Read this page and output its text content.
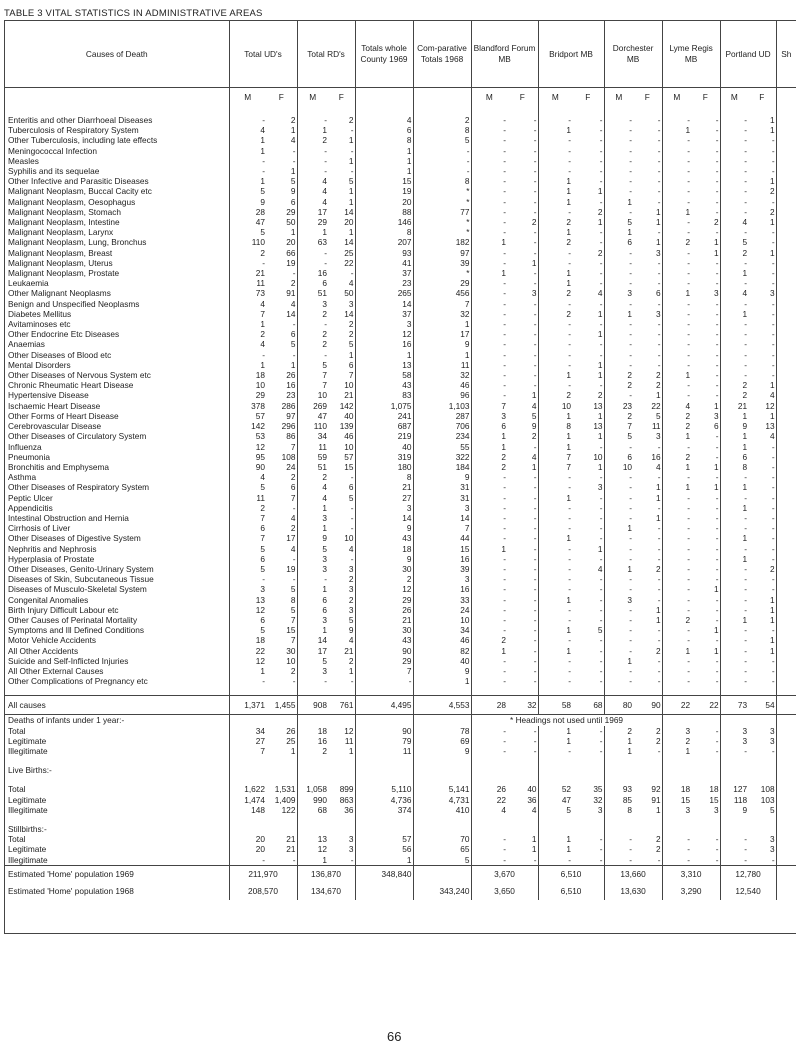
TABLE 3 VITAL STATISTICS IN ADMINISTRATIVE AREAS
Causes of Death	Total UD's		Total RD's		Totals whole County 1969	Com-parative Totals 1968	Blandford Forum MB		Bridport MB		Dorchester MB		Lyme Regis MB		Portland UD		Sh
	M	F	M	F			M	F	M	F	M	F	M	F	M	F	

Enteritis and other Diarrhoeal Diseases	-	2	-	2	4	2	-	-	-	-	-	-	-	-	-	1	
Tuberculosis of Respiratory System	4	1	1	-	6	8	-	-	1	-	-	-	1	-	-	1	
Other Tuberculosis, including late effects	1	4	2	1	8	5	-	-	-	-	-	-	-	-	-	-	
Meningococcal Infection	1	-	-	-	1	-	-	-	-	-	-	-	-	-	-	-	
Measles	-	-	-	1	1	-	-	-	-	-	-	-	-	-	-	-	
Syphilis and its sequelae	-	1	-	-	1	-	-	-	-	-	-	-	-	-	-	-	
Other Infective and Parasitic Diseases	1	5	4	5	15	8	-	-	1	-	-	-	-	-	-	1	
Malignant Neoplasm, Buccal Cacity etc	5	9	4	1	19	*	-	-	1	1	-	-	-	-	-	2	
Malignant Neoplasm, Oesophagus	9	6	4	1	20	*	-	-	1	-	1	-	-	-	-	-	
Malignant Neoplasm, Stomach	28	29	17	14	88	77	-	-	-	2	-	1	1	-	-	2	
Malignant Neoplasm, Intestine	47	50	29	20	146	*	-	2	2	1	5	1	-	2	4	1	
Malignant Neoplasm, Larynx	5	1	1	1	8	*	-	-	1	-	1	-	-	-	-	-	
Malignant Neoplasm, Lung, Bronchus	110	20	63	14	207	182	1	-	2	-	6	1	2	1	5	-	
Malignant Neoplasm, Breast	2	66	-	25	93	97	-	-	-	2	-	3	-	1	2	1	
Malignant Neoplasm, Uterus	-	19	-	22	41	39	-	1	-	-	-	-	-	-	-	-	
Malignant Neoplasm, Prostate	21	-	16	-	37	*	1	-	1	-	-	-	-	-	1	-	
Leukaemia	11	2	6	4	23	29	-	-	1	-	-	-	-	-	-	-	
Other Malignant Neoplasms	73	91	51	50	265	456	-	3	2	4	3	6	1	3	4	3	
Benign and Unspecified Neoplasms	4	4	3	3	14	7	-	-	-	-	-	-	-	-	-	-	
Diabetes Mellitus	7	14	2	14	37	32	-	-	2	1	1	3	-	-	1	-	
Avitaminoses etc	1	-	-	2	3	1	-	-	-	-	-	-	-	-	-	-	
Other Endocrine Etc Diseases	2	6	2	2	12	17	-	-	-	1	-	-	-	-	-	-	
Anaemias	4	5	2	5	16	9	-	-	-	-	-	-	-	-	-	-	
Other Diseases of Blood etc	-	-	-	1	1	1	-	-	-	-	-	-	-	-	-	-	
Mental Disorders	1	1	5	6	13	11	-	-	-	1	-	-	-	-	-	-	
Other Diseases of Nervous System etc	18	26	7	7	58	32	-	-	1	1	2	2	1	-	-	-	
Chronic Rheumatic Heart Disease	10	16	7	10	43	46	-	-	-	-	2	2	-	-	2	1	
Hypertensive Disease	29	23	10	21	83	96	-	1	2	2	-	1	-	-	2	4	
Ischaemic Heart Disease	378	286	269	142	1,075	1,103	7	4	10	13	23	22	4	1	21	12	
Other Forms of Heart Disease	57	97	47	40	241	287	3	5	1	1	2	5	2	3	1	1	
Cerebrovascular Disease	142	296	110	139	687	706	6	9	8	13	7	11	2	6	9	13	
Other Diseases of Circulatory System	53	86	34	46	219	234	1	2	1	1	5	3	1	-	1	4	
Influenza	12	7	11	10	40	55	1	-	1	-	-	-	-	-	1	-	
Pneumonia	95	108	59	57	319	322	2	4	7	10	6	16	2	-	6	-	
Bronchitis and Emphysema	90	24	51	15	180	184	2	1	7	1	10	4	1	1	8	-	
Asthma	4	2	2	-	8	9	-	-	-	-	-	-	-	-	-	-	
Other Diseases of Respiratory System	5	6	4	6	21	31	-	-	-	3	-	1	1	1	1	-	
Peptic Ulcer	11	7	4	5	27	31	-	-	1	-	-	1	-	-	-	-	
Appendicitis	2	-	1	-	3	3	-	-	-	-	-	-	-	-	1	-	
Intestinal Obstruction and Hernia	7	4	3	-	14	14	-	-	-	-	-	1	-	-	-	-	
Cirrhosis of Liver	6	2	1	-	9	7	-	-	-	-	1	-	-	-	-	-	
Other Diseases of Digestive System	7	17	9	10	43	44	-	-	1	-	-	-	-	-	1	-	
Nephritis and Nephrosis	5	4	5	4	18	15	1	-	-	1	-	-	-	-	-	-	
Hyperplasia of Prostate	6	-	3	-	9	16	-	-	-	-	-	-	-	-	1	-	
Other Diseases, Genito-Urinary System	5	19	3	3	30	39	-	-	-	4	1	2	-	-	-	2	
Diseases of Skin, Subcutaneous Tissue	-	-	-	2	2	3	-	-	-	-	-	-	-	-	-	-	
Diseases of Musculo-Skeletal System	3	5	1	3	12	16	-	-	-	-	-	-	-	1	-	-	
Congenital Anomalies	13	8	6	2	29	33	-	-	1	-	3	-	-	-	-	1	
Birth Injury Difficult Labour etc	12	5	6	3	26	24	-	-	-	-	-	1	-	-	-	1	
Other Causes of Perinatal Mortality	6	7	3	5	21	10	-	-	-	-	-	1	2	-	1	1	
Symptoms and Ill Defined Conditions	5	15	1	9	30	34	-	-	1	5	-	-	-	1	-	-	
Motor Vehicle Accidents	18	7	14	4	43	46	2	-	-	-	-	-	-	-	-	1	
All Other Accidents	22	30	17	21	90	82	1	-	1	-	-	2	1	1	-	1	
Suicide and Self-Inflicted Injuries	12	10	5	2	29	40	-	-	-	-	1	-	-	-	-	-	
All Other External Causes	1	2	3	1	7	9	-	-	-	-	-	-	-	-	-	-	
Other Complications of Pregnancy etc	-	-	-	-	-	1	-	-	-	-	-	-	-	-	-	-	

All causes	1,371	1,455	908	761	4,495	4,553	28	32	58	68	80	90	22	22	73	54	
Deaths of infants under 1 year:-							* Headings not used until 1969										
Total	34	26	18	12	90	78	-	-	1	-	2	2	3	-	3	3	
Legitimate	27	25	16	11	79	69	-	-	1	-	1	2	2	-	3	3	
Illegitimate	7	1	2	1	11	9	-	-	-	-	1	-	1	-	-	-	

Live Births:-																	

Total	1,622	1,531	1,058	899	5,110	5,141	26	40	52	35	93	92	18	18	127	108	
Legitimate	1,474	1,409	990	863	4,736	4,731	22	36	47	32	85	91	15	15	118	103	
Illegitimate	148	122	68	36	374	410	4	4	5	3	8	1	3	3	9	5	

Stillbirths:-																	
Total	20	21	13	3	57	70	-	1	1	-	-	2	-	-	-	3	
Legitimate	20	21	12	3	56	65	-	1	1	-	-	2	-	-	-	3	
Illegitimate	-	-	1	-	1	5	-	-	-	-	-	-	-	-	-	-	
Estimated 'Home' population 1969	211,970		136,870		348,840		3,670		6,510		13,660		3,310		12,780		
Estimated 'Home' population 1968	208,570		134,670			343,240	3,650		6,510		13,630		3,290		12,540		
66
